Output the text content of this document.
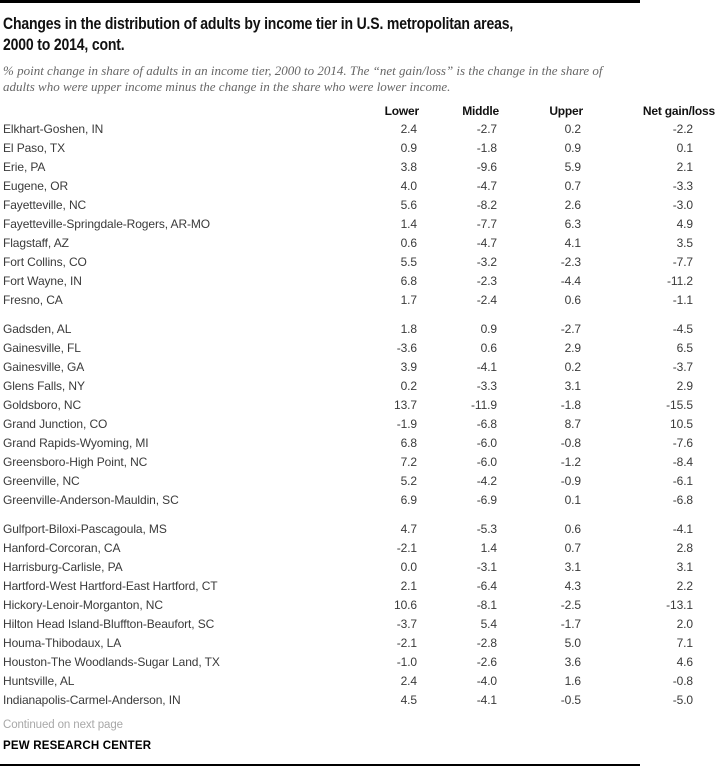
Changes in the distribution of adults by income tier in U.S. metropolitan areas,
2000 to 2014, cont.
% point change in share of adults in an income tier, 2000 to 2014. The “net gain/loss” is the change in the share of adults who were upper income minus the change in the share who were lower income.
	Lower	Middle	Upper	Net gain/loss
Elkhart-Goshen, IN	2.4	-2.7	0.2	-2.2
El Paso, TX	0.9	-1.8	0.9	0.1
Erie, PA	3.8	-9.6	5.9	2.1
Eugene, OR	4.0	-4.7	0.7	-3.3
Fayetteville, NC	5.6	-8.2	2.6	-3.0
Fayetteville-Springdale-Rogers, AR-MO	1.4	-7.7	6.3	4.9
Flagstaff, AZ	0.6	-4.7	4.1	3.5
Fort Collins, CO	5.5	-3.2	-2.3	-7.7
Fort Wayne, IN	6.8	-2.3	-4.4	-11.2
Fresno, CA	1.7	-2.4	0.6	-1.1

Gadsden, AL	1.8	0.9	-2.7	-4.5
Gainesville, FL	-3.6	0.6	2.9	6.5
Gainesville, GA	3.9	-4.1	0.2	-3.7
Glens Falls, NY	0.2	-3.3	3.1	2.9
Goldsboro, NC	13.7	-11.9	-1.8	-15.5
Grand Junction, CO	-1.9	-6.8	8.7	10.5
Grand Rapids-Wyoming, MI	6.8	-6.0	-0.8	-7.6
Greensboro-High Point, NC	7.2	-6.0	-1.2	-8.4
Greenville, NC	5.2	-4.2	-0.9	-6.1
Greenville-Anderson-Mauldin, SC	6.9	-6.9	0.1	-6.8

Gulfport-Biloxi-Pascagoula, MS	4.7	-5.3	0.6	-4.1
Hanford-Corcoran, CA	-2.1	1.4	0.7	2.8
Harrisburg-Carlisle, PA	0.0	-3.1	3.1	3.1
Hartford-West Hartford-East Hartford, CT	2.1	-6.4	4.3	2.2
Hickory-Lenoir-Morganton, NC	10.6	-8.1	-2.5	-13.1
Hilton Head Island-Bluffton-Beaufort, SC	-3.7	5.4	-1.7	2.0
Houma-Thibodaux, LA	-2.1	-2.8	5.0	7.1
Houston-The Woodlands-Sugar Land, TX	-1.0	-2.6	3.6	4.6
Huntsville, AL	2.4	-4.0	1.6	-0.8
Indianapolis-Carmel-Anderson, IN	4.5	-4.1	-0.5	-5.0
Continued on next page
PEW RESEARCH CENTER
